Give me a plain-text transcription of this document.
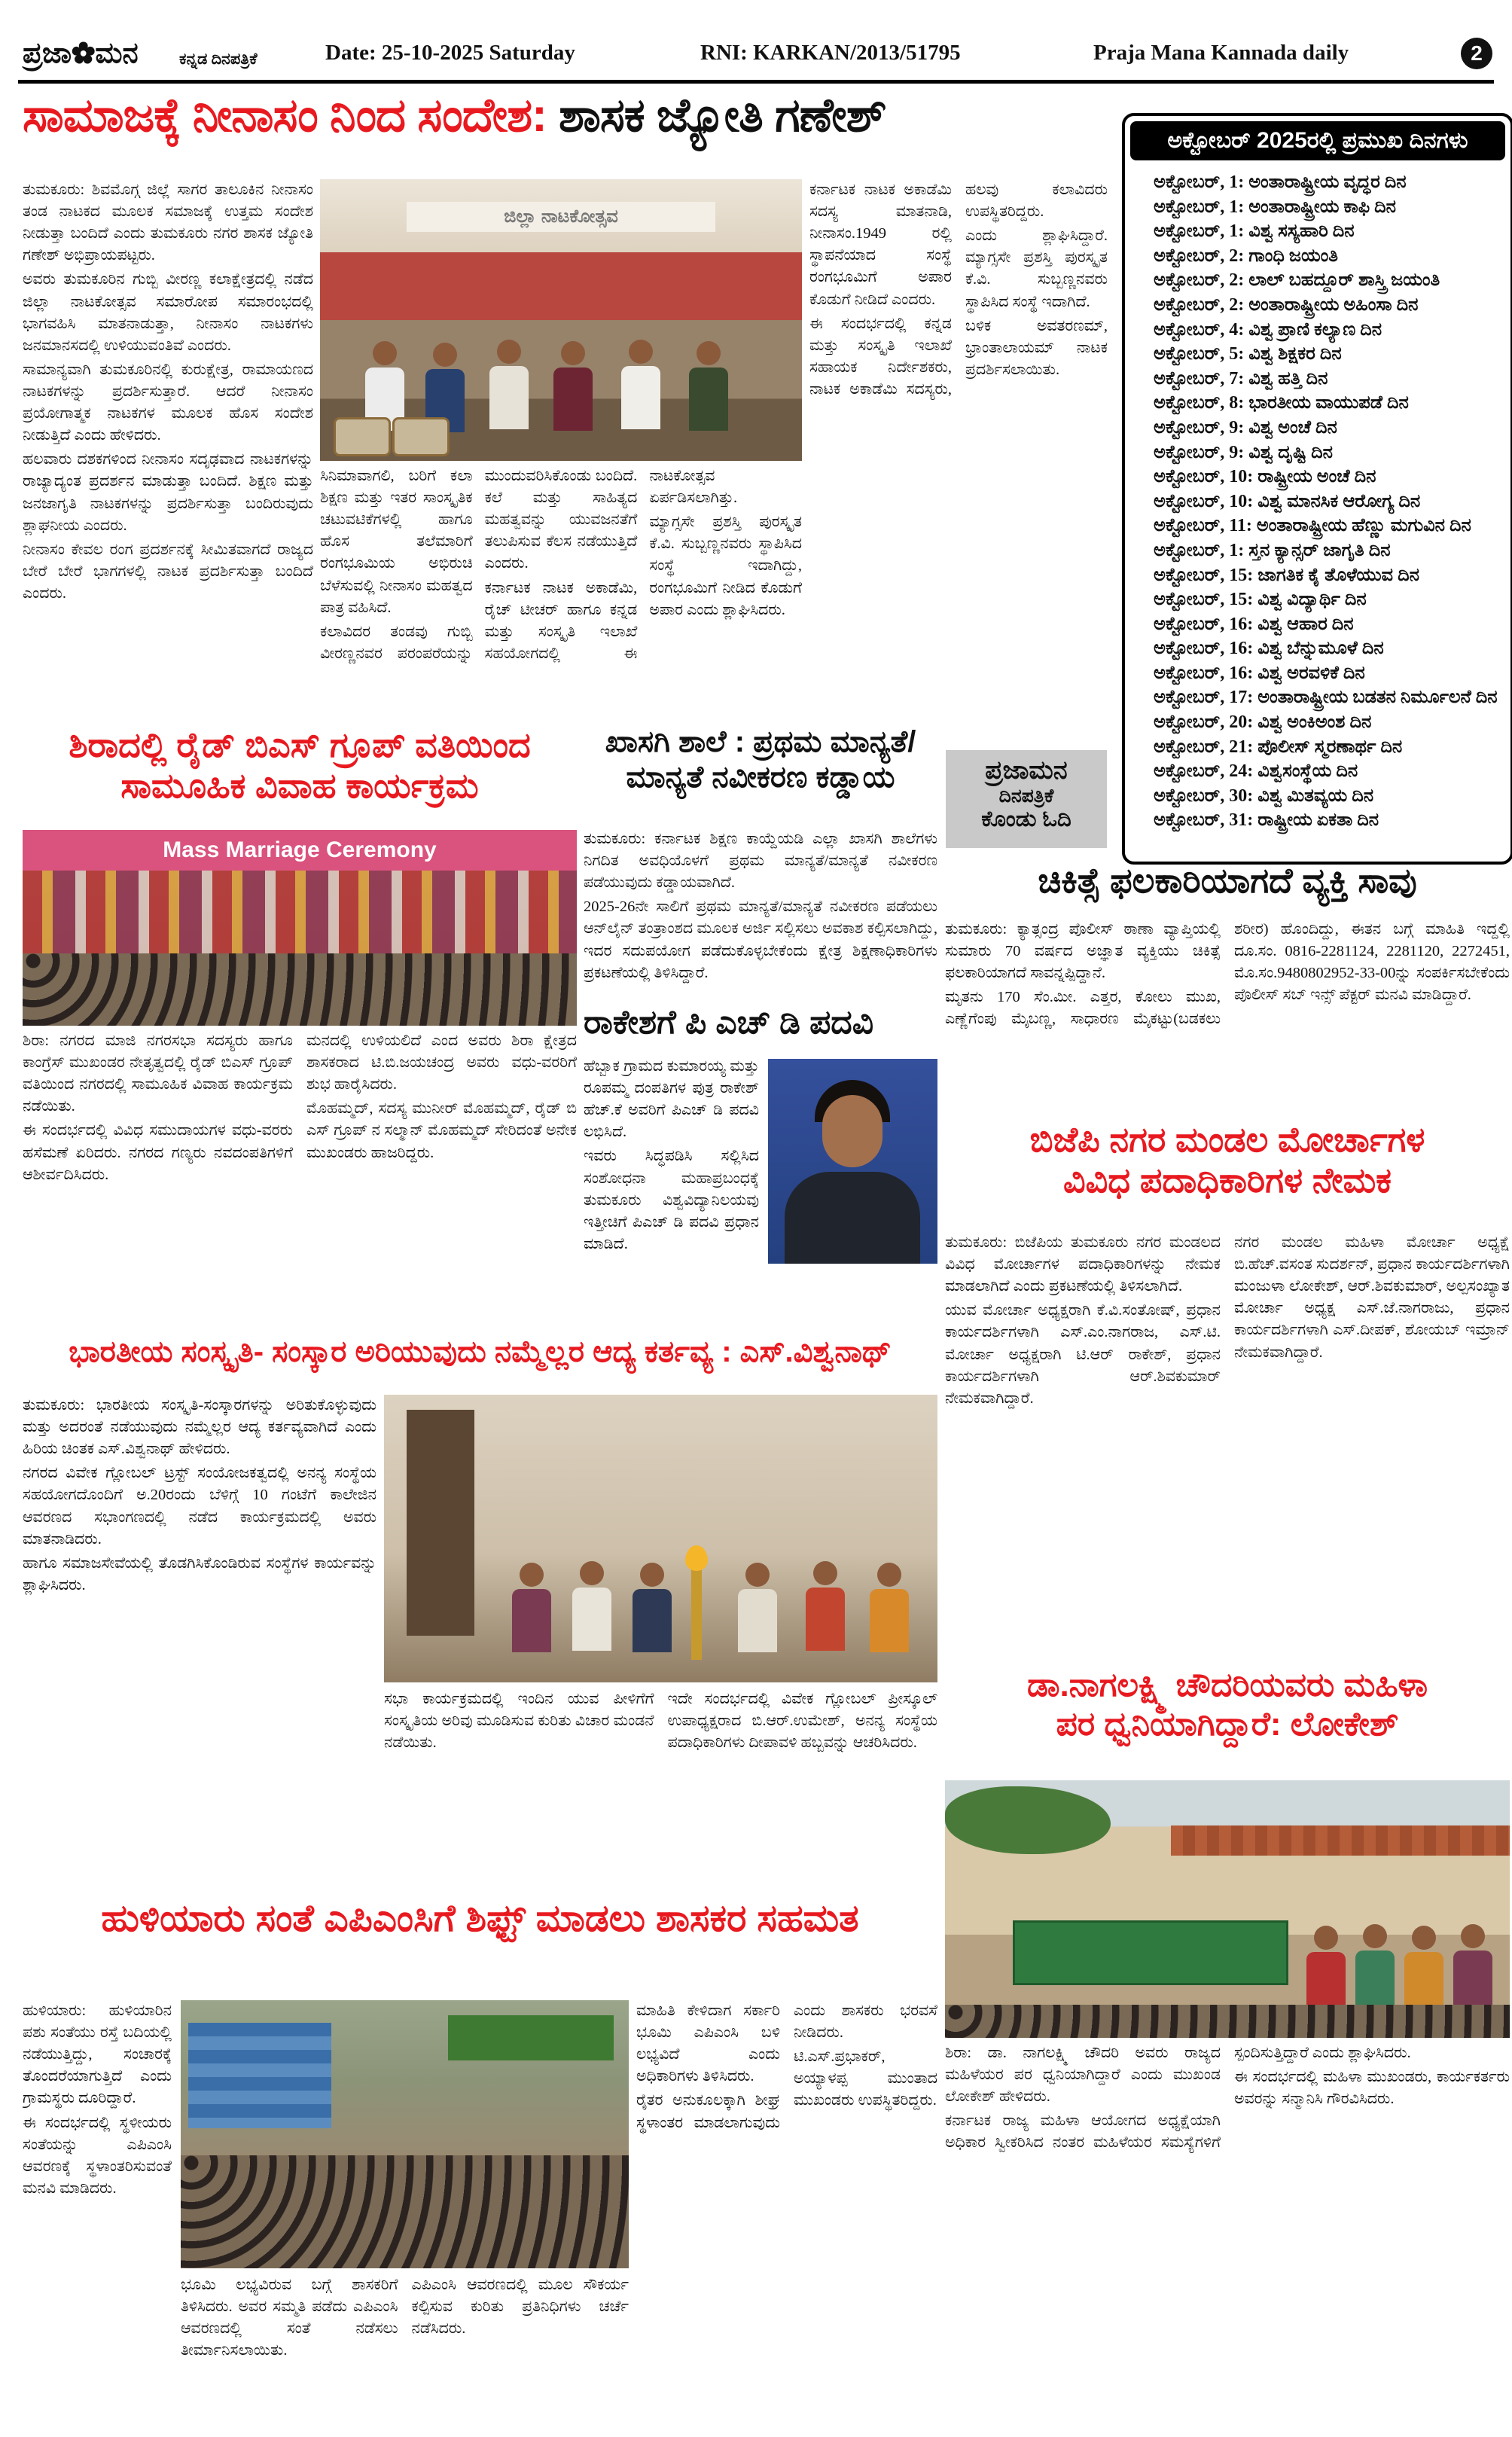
ಪ್ರಜಾ✿ಮನ	ಕನ್ನಡ ದಿನಪತ್ರಿಕೆ	Date: 25-10-2025 Saturday	RNI: KARKAN/2013/51795	Praja Mana Kannada daily	2
ಸಾಮಾಜಕ್ಕೆ ನೀನಾಸಂ ನಿಂದ ಸಂದೇಶ: ಶಾಸಕ ಜ್ಯೋತಿ ಗಣೇಶ್	ಅಕ್ಟೋಬರ್ 2025ರಲ್ಲಿ ಪ್ರಮುಖ ದಿನಗಳು
ಅಕ್ಟೋಬರ್, 1: ಅಂತಾರಾಷ್ಟ್ರೀಯ ವೃದ್ಧರ ದಿನ
ಅಕ್ಟೋಬರ್, 1: ಅಂತಾರಾಷ್ಟ್ರೀಯ ಕಾಫಿ ದಿನ
ಅಕ್ಟೋಬರ್, 1: ವಿಶ್ವ ಸಸ್ಯಹಾರಿ ದಿನ
ಅಕ್ಟೋಬರ್, 2: ಗಾಂಧಿ ಜಯಂತಿ
ಅಕ್ಟೋಬರ್, 2: ಲಾಲ್ ಬಹದ್ದೂರ್ ಶಾಸ್ತ್ರಿ ಜಯಂತಿ
ಅಕ್ಟೋಬರ್, 2: ಅಂತಾರಾಷ್ಟ್ರೀಯ ಅಹಿಂಸಾ ದಿನ
ಅಕ್ಟೋಬರ್, 4: ವಿಶ್ವ ಪ್ರಾಣಿ ಕಲ್ಯಾಣ ದಿನ
ಅಕ್ಟೋಬರ್, 5: ವಿಶ್ವ ಶಿಕ್ಷಕರ ದಿನ
ಅಕ್ಟೋಬರ್, 7: ವಿಶ್ವ ಹತ್ತಿ ದಿನ
ಅಕ್ಟೋಬರ್, 8: ಭಾರತೀಯ ವಾಯುಪಡೆ ದಿನ
ಅಕ್ಟೋಬರ್, 9: ವಿಶ್ವ ಅಂಚೆ ದಿನ
ಅಕ್ಟೋಬರ್, 9: ವಿಶ್ವ ದೃಷ್ಟಿ ದಿನ
ಅಕ್ಟೋಬರ್, 10: ರಾಷ್ಟ್ರೀಯ ಅಂಚೆ ದಿನ
ಅಕ್ಟೋಬರ್, 10: ವಿಶ್ವ ಮಾನಸಿಕ ಆರೋಗ್ಯ ದಿನ
ಅಕ್ಟೋಬರ್, 11: ಅಂತಾರಾಷ್ಟ್ರೀಯ ಹೆಣ್ಣು ಮಗುವಿನ ದಿನ
ಅಕ್ಟೋಬರ್, 1: ಸ್ತನ ಕ್ಯಾನ್ಸರ್ ಜಾಗೃತಿ ದಿನ
ಅಕ್ಟೋಬರ್, 15: ಜಾಗತಿಕ ಕೈ ತೊಳೆಯುವ ದಿನ
ಅಕ್ಟೋಬರ್, 15: ವಿಶ್ವ ವಿದ್ಯಾರ್ಥಿ ದಿನ
ಅಕ್ಟೋಬರ್, 16: ವಿಶ್ವ ಆಹಾರ ದಿನ
ಅಕ್ಟೋಬರ್, 16: ವಿಶ್ವ ಬೆನ್ನುಮೂಳೆ ದಿನ
ಅಕ್ಟೋಬರ್, 16: ವಿಶ್ವ ಅರವಳಿಕೆ ದಿನ
ಅಕ್ಟೋಬರ್, 17: ಅಂತಾರಾಷ್ಟ್ರೀಯ ಬಡತನ ನಿರ್ಮೂಲನೆ ದಿನ
ಅಕ್ಟೋಬರ್, 20: ವಿಶ್ವ ಅಂಕಿಅಂಶ ದಿನ
ಅಕ್ಟೋಬರ್, 21: ಪೊಲೀಸ್ ಸ್ಮರಣಾರ್ಥ ದಿನ
ಅಕ್ಟೋಬರ್, 24: ವಿಶ್ವಸಂಸ್ಥೆಯ ದಿನ
ಅಕ್ಟೋಬರ್, 30: ವಿಶ್ವ ಮಿತವ್ಯಯ ದಿನ
ಅಕ್ಟೋಬರ್, 31: ರಾಷ್ಟ್ರೀಯ ಏಕತಾ ದಿನ

ತುಮಕೂರು: ಶಿವಮೊಗ್ಗ ಜಿಲ್ಲೆ ಸಾಗರ ತಾಲೂಕಿನ ನೀನಾಸಂ ತಂಡ ನಾಟಕದ ಮೂಲಕ ಸಮಾಜಕ್ಕೆ ಉತ್ತಮ ಸಂದೇಶ ನೀಡುತ್ತಾ ಬಂದಿದೆ ಎಂದು ತುಮಕೂರು ನಗರ ಶಾಸಕ ಜ್ಯೋತಿ ಗಣೇಶ್ ಅಭಿಪ್ರಾಯಪಟ್ಟರು.

ಅವರು ತುಮಕೂರಿನ ಗುಬ್ಬಿ ವೀರಣ್ಣ ಕಲಾಕ್ಷೇತ್ರದಲ್ಲಿ ನಡೆದ ಜಿಲ್ಲಾ ನಾಟಕೋತ್ಸವ ಸಮಾರೋಪ ಸಮಾರಂಭದಲ್ಲಿ ಭಾಗವಹಿಸಿ ಮಾತನಾಡುತ್ತಾ, ನೀನಾಸಂ ನಾಟಕಗಳು ಜನಮಾನಸದಲ್ಲಿ ಉಳಿಯುವಂತಿವೆ ಎಂದರು.

ಸಾಮಾನ್ಯವಾಗಿ ತುಮಕೂರಿನಲ್ಲಿ ಕುರುಕ್ಷೇತ್ರ, ರಾಮಾಯಣದ ನಾಟಕಗಳನ್ನು ಪ್ರದರ್ಶಿಸುತ್ತಾರೆ. ಆದರೆ ನೀನಾಸಂ ಪ್ರಯೋಗಾತ್ಮಕ ನಾಟಕಗಳ ಮೂಲಕ ಹೊಸ ಸಂದೇಶ ನೀಡುತ್ತಿದೆ ಎಂದು ಹೇಳಿದರು.

ಹಲವಾರು ದಶಕಗಳಿಂದ ನೀನಾಸಂ ಸದೃಢವಾದ ನಾಟಕಗಳನ್ನು ರಾಜ್ಯಾದ್ಯಂತ ಪ್ರದರ್ಶನ ಮಾಡುತ್ತಾ ಬಂದಿದೆ. ಶಿಕ್ಷಣ ಮತ್ತು ಜನಜಾಗೃತಿ ನಾಟಕಗಳನ್ನು ಪ್ರದರ್ಶಿಸುತ್ತಾ ಬಂದಿರುವುದು ಶ್ಲಾಘನೀಯ ಎಂದರು.

ನೀನಾಸಂ ಕೇವಲ ರಂಗ ಪ್ರದರ್ಶನಕ್ಕೆ ಸೀಮಿತವಾಗದೆ ರಾಜ್ಯದ ಬೇರೆ ಬೇರೆ ಭಾಗಗಳಲ್ಲಿ ನಾಟಕ ಪ್ರದರ್ಶಿಸುತ್ತಾ ಬಂದಿದೆ ಎಂದರು.

ಜಿಲ್ಲಾ ನಾಟಕೋತ್ಸವ

ಸಿನಿಮಾವಾಗಲಿ, ಬರಿಗೆ ಕಲಾ ಶಿಕ್ಷಣ ಮತ್ತು ಇತರ ಸಾಂಸ್ಕೃತಿಕ ಚಟುವಟಿಕೆಗಳಲ್ಲಿ ಹಾಗೂ ಹೊಸ ತಲೆಮಾರಿಗೆ ರಂಗಭೂಮಿಯ ಅಭಿರುಚಿ ಬೆಳೆಸುವಲ್ಲಿ ನೀನಾಸಂ ಮಹತ್ವದ ಪಾತ್ರ ವಹಿಸಿದೆ.

ಕಲಾವಿದರ ತಂಡವು ಗುಬ್ಬಿ ವೀರಣ್ಣನವರ ಪರಂಪರೆಯನ್ನು ಮುಂದುವರಿಸಿಕೊಂಡು ಬಂದಿದೆ. ಕಲೆ ಮತ್ತು ಸಾಹಿತ್ಯದ ಮಹತ್ವವನ್ನು ಯುವಜನತೆಗೆ ತಲುಪಿಸುವ ಕೆಲಸ ನಡೆಯುತ್ತಿದೆ ಎಂದರು.

ಕರ್ನಾಟಕ ನಾಟಕ ಅಕಾಡೆಮಿ, ರೈಚ್ ಟೀಚರ್ ಹಾಗೂ ಕನ್ನಡ ಮತ್ತು ಸಂಸ್ಕೃತಿ ಇಲಾಖೆ ಸಹಯೋಗದಲ್ಲಿ ಈ ನಾಟಕೋತ್ಸವ ಏರ್ಪಡಿಸಲಾಗಿತ್ತು.

ಮ್ಯಾಗ್ಸಸೇ ಪ್ರಶಸ್ತಿ ಪುರಸ್ಕೃತ ಕೆ.ವಿ. ಸುಬ್ಬಣ್ಣನವರು ಸ್ಥಾಪಿಸಿದ ಸಂಸ್ಥೆ ಇದಾಗಿದ್ದು, ರಂಗಭೂಮಿಗೆ ನೀಡಿದ ಕೊಡುಗೆ ಅಪಾರ ಎಂದು ಶ್ಲಾಘಿಸಿದರು.

ಕರ್ನಾಟಕ ನಾಟಕ ಅಕಾಡೆಮಿ ಸದಸ್ಯ ಮಾತನಾಡಿ, ನೀನಾಸಂ.1949 ರಲ್ಲಿ ಸ್ಥಾಪನೆಯಾದ ಸಂಸ್ಥೆ ರಂಗಭೂಮಿಗೆ ಅಪಾರ ಕೊಡುಗೆ ನೀಡಿದೆ ಎಂದರು.

ಈ ಸಂದರ್ಭದಲ್ಲಿ ಕನ್ನಡ ಮತ್ತು ಸಂಸ್ಕೃತಿ ಇಲಾಖೆ ಸಹಾಯಕ ನಿರ್ದೇಶಕರು, ನಾಟಕ ಅಕಾಡೆಮಿ ಸದಸ್ಯರು, ಹಲವು ಕಲಾವಿದರು ಉಪಸ್ಥಿತರಿದ್ದರು.

ಎಂದು ಶ್ಲಾಘಿಸಿದ್ದಾರೆ. ಮ್ಯಾಗ್ಸಸೇ ಪ್ರಶಸ್ತಿ ಪುರಸ್ಕೃತ ಕೆ.ವಿ. ಸುಬ್ಬಣ್ಣನವರು ಸ್ಥಾಪಿಸಿದ ಸಂಸ್ಥೆ ಇದಾಗಿದೆ.

ಬಳಿಕ ಅವತರಣಮ್, ಭ್ರಾಂತಾಲಾಯಮ್ ನಾಟಕ ಪ್ರದರ್ಶಿಸಲಾಯಿತು.

ಶಿರಾದಲ್ಲಿ ರೈಡ್ ಬಿಎಸ್ ಗ್ರೂಪ್ ವತಿಯಿಂದ ಸಾಮೂಹಿಕ ವಿವಾಹ ಕಾರ್ಯಕ್ರಮ
Mass Marriage Ceremony

ಶಿರಾ: ನಗರದ ಮಾಜಿ ನಗರಸಭಾ ಸದಸ್ಯರು ಹಾಗೂ ಕಾಂಗ್ರೆಸ್ ಮುಖಂಡರ ನೇತೃತ್ವದಲ್ಲಿ ರೈಡ್ ಬಿಎಸ್ ಗ್ರೂಪ್ ವತಿಯಿಂದ ನಗರದಲ್ಲಿ ಸಾಮೂಹಿಕ ವಿವಾಹ ಕಾರ್ಯಕ್ರಮ ನಡೆಯಿತು.

ಈ ಸಂದರ್ಭದಲ್ಲಿ ವಿವಿಧ ಸಮುದಾಯಗಳ ವಧು-ವರರು ಹಸೆಮಣೆ ಏರಿದರು. ನಗರದ ಗಣ್ಯರು ನವದಂಪತಿಗಳಿಗೆ ಆಶೀರ್ವದಿಸಿದರು.

ಮನದಲ್ಲಿ ಉಳಿಯಲಿದೆ ಎಂದ ಅವರು ಶಿರಾ ಕ್ಷೇತ್ರದ ಶಾಸಕರಾದ ಟಿ.ಬಿ.ಜಯಚಂದ್ರ ಅವರು ವಧು-ವರರಿಗೆ ಶುಭ ಹಾರೈಸಿದರು.

ಮೊಹಮ್ಮದ್, ಸದಸ್ಯ ಮುನೀರ್ ಮೊಹಮ್ಮದ್, ರೈಡ್ ಬಿ ಎಸ್ ಗ್ರೂಪ್ ನ ಸಲ್ಮಾನ್ ಮೊಹಮ್ಮದ್ ಸೇರಿದಂತೆ ಅನೇಕ ಮುಖಂಡರು ಹಾಜರಿದ್ದರು.

ಖಾಸಗಿ ಶಾಲೆ : ಪ್ರಥಮ ಮಾನ್ಯತೆ/ ಮಾನ್ಯತೆ ನವೀಕರಣ ಕಡ್ಡಾಯ

ತುಮಕೂರು: ಕರ್ನಾಟಕ ಶಿಕ್ಷಣ ಕಾಯ್ದೆಯಡಿ ಎಲ್ಲಾ ಖಾಸಗಿ ಶಾಲೆಗಳು ನಿಗದಿತ ಅವಧಿಯೊಳಗೆ ಪ್ರಥಮ ಮಾನ್ಯತೆ/ಮಾನ್ಯತೆ ನವೀಕರಣ ಪಡೆಯುವುದು ಕಡ್ಡಾಯವಾಗಿದೆ.

2025-26ನೇ ಸಾಲಿಗೆ ಪ್ರಥಮ ಮಾನ್ಯತೆ/ಮಾನ್ಯತೆ ನವೀಕರಣ ಪಡೆಯಲು ಆನ್‌ಲೈನ್ ತಂತ್ರಾಂಶದ ಮೂಲಕ ಅರ್ಜಿ ಸಲ್ಲಿಸಲು ಅವಕಾಶ ಕಲ್ಪಿಸಲಾಗಿದ್ದು, ಇದರ ಸದುಪಯೋಗ ಪಡೆದುಕೊಳ್ಳಬೇಕೆಂದು ಕ್ಷೇತ್ರ ಶಿಕ್ಷಣಾಧಿಕಾರಿಗಳು ಪ್ರಕಟಣೆಯಲ್ಲಿ ತಿಳಿಸಿದ್ದಾರೆ.

ಪ್ರಜಾಮನ
ದಿನಪತ್ರಿಕೆ
ಕೊಂಡು ಓದಿ
ರಾಕೇಶಗೆ ಪಿ ಎಚ್ ಡಿ ಪದವಿ

ಹೆಬ್ಬಾಕ ಗ್ರಾಮದ ಕುಮಾರಯ್ಯ ಮತ್ತು ರೂಪಮ್ಮ ದಂಪತಿಗಳ ಪುತ್ರ ರಾಕೇಶ್ ಹೆಚ್.ಕೆ ಅವರಿಗೆ ಪಿಎಚ್ ಡಿ ಪದವಿ ಲಭಿಸಿದೆ.

ಇವರು ಸಿದ್ಧಪಡಿಸಿ ಸಲ್ಲಿಸಿದ ಸಂಶೋಧನಾ ಮಹಾಪ್ರಬಂಧಕ್ಕೆ ತುಮಕೂರು ವಿಶ್ವವಿದ್ಯಾನಿಲಯವು ಇತ್ತೀಚಿಗೆ ಪಿಎಚ್ ಡಿ ಪದವಿ ಪ್ರಧಾನ ಮಾಡಿದೆ.

ಚಿಕಿತ್ಸೆ ಫಲಕಾರಿಯಾಗದೆ ವ್ಯಕ್ತಿ ಸಾವು

ತುಮಕೂರು: ಕ್ಯಾತ್ಸಂದ್ರ ಪೊಲೀಸ್ ಠಾಣಾ ವ್ಯಾಪ್ತಿಯಲ್ಲಿ ಸುಮಾರು 70 ವರ್ಷದ ಅಜ್ಞಾತ ವ್ಯಕ್ತಿಯು ಚಿಕಿತ್ಸೆ ಫಲಕಾರಿಯಾಗದೆ ಸಾವನ್ನಪ್ಪಿದ್ದಾನೆ.

ಮೃತನು 170 ಸೆಂ.ಮೀ. ಎತ್ತರ, ಕೋಲು ಮುಖ, ಎಣ್ಣೆಗೆಂಪು ಮೈಬಣ್ಣ, ಸಾಧಾರಣ ಮೈಕಟ್ಟು(ಬಡಕಲು ಶರೀರ) ಹೊಂದಿದ್ದು, ಈತನ ಬಗ್ಗೆ ಮಾಹಿತಿ ಇದ್ದಲ್ಲಿ ದೂ.ಸಂ. 0816-2281124, 2281120, 2272451, ಮೊ.ಸಂ.9480802952-33-00ನ್ನು ಸಂಪರ್ಕಿಸಬೇಕೆಂದು ಪೊಲೀಸ್ ಸಬ್ ಇನ್ಸ್ ಪೆಕ್ಟರ್ ಮನವಿ ಮಾಡಿದ್ದಾರೆ.

ಬಿಜೆಪಿ ನಗರ ಮಂಡಲ ಮೋರ್ಚಾಗಳ
ವಿವಿಧ ಪದಾಧಿಕಾರಿಗಳ ನೇಮಕ

ತುಮಕೂರು: ಬಿಜೆಪಿಯ ತುಮಕೂರು ನಗರ ಮಂಡಲದ ವಿವಿಧ ಮೋರ್ಚಾಗಳ ಪದಾಧಿಕಾರಿಗಳನ್ನು ನೇಮಕ ಮಾಡಲಾಗಿದೆ ಎಂದು ಪ್ರಕಟಣೆಯಲ್ಲಿ ತಿಳಿಸಲಾಗಿದೆ.

ಯುವ ಮೋರ್ಚಾ ಅಧ್ಯಕ್ಷರಾಗಿ ಕೆ.ವಿ.ಸಂತೋಷ್, ಪ್ರಧಾನ ಕಾರ್ಯದರ್ಶಿಗಳಾಗಿ ಎಸ್.ಎಂ.ನಾಗರಾಜ, ಎಸ್.ಟಿ. ಮೋರ್ಚಾ ಅಧ್ಯಕ್ಷರಾಗಿ ಟಿ.ಆರ್ ರಾಕೇಶ್, ಪ್ರಧಾನ ಕಾರ್ಯದರ್ಶಿಗಳಾಗಿ ಆರ್.ಶಿವಕುಮಾರ್ ನೇಮಕವಾಗಿದ್ದಾರೆ.

ನಗರ ಮಂಡಲ ಮಹಿಳಾ ಮೋರ್ಚಾ ಅಧ್ಯಕ್ಷೆ ಬಿ.ಹೆಚ್.ವಸಂತ ಸುದರ್ಶನ್, ಪ್ರಧಾನ ಕಾರ್ಯದರ್ಶಿಗಳಾಗಿ ಮಂಜುಳಾ ಲೋಕೇಶ್, ಆರ್.ಶಿವಕುಮಾರ್, ಅಲ್ಪಸಂಖ್ಯಾತ ಮೋರ್ಚಾ ಅಧ್ಯಕ್ಷ ಎಸ್.ಜೆ.ನಾಗರಾಜು, ಪ್ರಧಾನ ಕಾರ್ಯದರ್ಶಿಗಳಾಗಿ ಎಸ್.ದೀಪಕ್, ಶೋಯಬ್ ಇಮ್ರಾನ್ ನೇಮಕವಾಗಿದ್ದಾರೆ.

ಭಾರತೀಯ ಸಂಸ್ಕೃತಿ- ಸಂಸ್ಕಾರ ಅರಿಯುವುದು ನಮ್ಮೆಲ್ಲರ ಆದ್ಯ ಕರ್ತವ್ಯ : ಎಸ್.ವಿಶ್ವನಾಥ್

ತುಮಕೂರು: ಭಾರತೀಯ ಸಂಸ್ಕೃತಿ-ಸಂಸ್ಕಾರಗಳನ್ನು ಅರಿತುಕೊಳ್ಳುವುದು ಮತ್ತು ಅದರಂತೆ ನಡೆಯುವುದು ನಮ್ಮೆಲ್ಲರ ಆದ್ಯ ಕರ್ತವ್ಯವಾಗಿದೆ ಎಂದು ಹಿರಿಯ ಚಿಂತಕ ಎಸ್.ವಿಶ್ವನಾಥ್ ಹೇಳಿದರು.

ನಗರದ ವಿವೇಕ ಗ್ಲೋಬಲ್ ಟ್ರಸ್ಟ್ ಸಂಯೋಜಕತ್ವದಲ್ಲಿ ಅನನ್ಯ ಸಂಸ್ಥೆಯ ಸಹಯೋಗದೊಂದಿಗೆ ಅ.20ರಂದು ಬೆಳಿಗ್ಗೆ 10 ಗಂಟೆಗೆ ಕಾಲೇಜಿನ ಆವರಣದ ಸಭಾಂಗಣದಲ್ಲಿ ನಡೆದ ಕಾರ್ಯಕ್ರಮದಲ್ಲಿ ಅವರು ಮಾತನಾಡಿದರು.

ಹಾಗೂ ಸಮಾಜಸೇವೆಯಲ್ಲಿ ತೊಡಗಿಸಿಕೊಂಡಿರುವ ಸಂಸ್ಥೆಗಳ ಕಾರ್ಯವನ್ನು ಶ್ಲಾಘಿಸಿದರು.

ಸಭಾ ಕಾರ್ಯಕ್ರಮದಲ್ಲಿ ಇಂದಿನ ಯುವ ಪೀಳಿಗೆಗೆ ಸಂಸ್ಕೃತಿಯ ಅರಿವು ಮೂಡಿಸುವ ಕುರಿತು ವಿಚಾರ ಮಂಡನೆ ನಡೆಯಿತು.

ಇದೇ ಸಂದರ್ಭದಲ್ಲಿ ವಿವೇಕ ಗ್ಲೋಬಲ್ ಪ್ರೀಸ್ಕೂಲ್ ಉಪಾಧ್ಯಕ್ಷರಾದ ಬಿ.ಆರ್.ಉಮೇಶ್, ಅನನ್ಯ ಸಂಸ್ಥೆಯ ಪದಾಧಿಕಾರಿಗಳು ದೀಪಾವಳಿ ಹಬ್ಬವನ್ನು ಆಚರಿಸಿದರು.

ಡಾ.ನಾಗಲಕ್ಷ್ಮಿ ಚೌದರಿಯವರು ಮಹಿಳಾ
ಪರ ಧ್ವನಿಯಾಗಿದ್ದಾರೆ: ಲೋಕೇಶ್

ಶಿರಾ: ಡಾ. ನಾಗಲಕ್ಷ್ಮಿ ಚೌದರಿ ಅವರು ರಾಜ್ಯದ ಮಹಿಳೆಯರ ಪರ ಧ್ವನಿಯಾಗಿದ್ದಾರೆ ಎಂದು ಮುಖಂಡ ಲೋಕೇಶ್ ಹೇಳಿದರು.

ಕರ್ನಾಟಕ ರಾಜ್ಯ ಮಹಿಳಾ ಆಯೋಗದ ಅಧ್ಯಕ್ಷೆಯಾಗಿ ಅಧಿಕಾರ ಸ್ವೀಕರಿಸಿದ ನಂತರ ಮಹಿಳೆಯರ ಸಮಸ್ಯೆಗಳಿಗೆ ಸ್ಪಂದಿಸುತ್ತಿದ್ದಾರೆ ಎಂದು ಶ್ಲಾಘಿಸಿದರು.

ಈ ಸಂದರ್ಭದಲ್ಲಿ ಮಹಿಳಾ ಮುಖಂಡರು, ಕಾರ್ಯಕರ್ತರು ಅವರನ್ನು ಸನ್ಮಾನಿಸಿ ಗೌರವಿಸಿದರು.

ಹುಳಿಯಾರು ಸಂತೆ ಎಪಿಎಂಸಿಗೆ ಶಿಫ್ಟ್ ಮಾಡಲು ಶಾಸಕರ ಸಹಮತ

ಹುಳಿಯಾರು: ಹುಳಿಯಾರಿನ ಪಶು ಸಂತೆಯು ರಸ್ತೆ ಬದಿಯಲ್ಲಿ ನಡೆಯುತ್ತಿದ್ದು, ಸಂಚಾರಕ್ಕೆ ತೊಂದರೆಯಾಗುತ್ತಿದೆ ಎಂದು ಗ್ರಾಮಸ್ಥರು ದೂರಿದ್ದಾರೆ.

ಈ ಸಂದರ್ಭದಲ್ಲಿ ಸ್ಥಳೀಯರು ಸಂತೆಯನ್ನು ಎಪಿಎಂಸಿ ಆವರಣಕ್ಕೆ ಸ್ಥಳಾಂತರಿಸುವಂತೆ ಮನವಿ ಮಾಡಿದರು.

ಭೂಮಿ ಲಭ್ಯವಿರುವ ಬಗ್ಗೆ ಶಾಸಕರಿಗೆ ತಿಳಿಸಿದರು. ಅವರ ಸಮ್ಮತಿ ಪಡೆದು ಎಪಿಎಂಸಿ ಆವರಣದಲ್ಲಿ ಸಂತೆ ನಡೆಸಲು ತೀರ್ಮಾನಿಸಲಾಯಿತು.

ಎಪಿಎಂಸಿ ಆವರಣದಲ್ಲಿ ಮೂಲ ಸೌಕರ್ಯ ಕಲ್ಪಿಸುವ ಕುರಿತು ಪ್ರತಿನಿಧಿಗಳು ಚರ್ಚೆ ನಡೆಸಿದರು.

ಮಾಹಿತಿ ಕೇಳಿದಾಗ ಸರ್ಕಾರಿ ಭೂಮಿ ಎಪಿಎಂಸಿ ಬಳಿ ಲಭ್ಯವಿದೆ ಎಂದು ಅಧಿಕಾರಿಗಳು ತಿಳಿಸಿದರು.

ರೈತರ ಅನುಕೂಲಕ್ಕಾಗಿ ಶೀಘ್ರ ಸ್ಥಳಾಂತರ ಮಾಡಲಾಗುವುದು ಎಂದು ಶಾಸಕರು ಭರವಸೆ ನೀಡಿದರು.

ಟಿ.ಎಸ್.ಪ್ರಭಾಕರ್, ಅಯ್ಯಾಳಪ್ಪ ಮುಂತಾದ ಮುಖಂಡರು ಉಪಸ್ಥಿತರಿದ್ದರು.
